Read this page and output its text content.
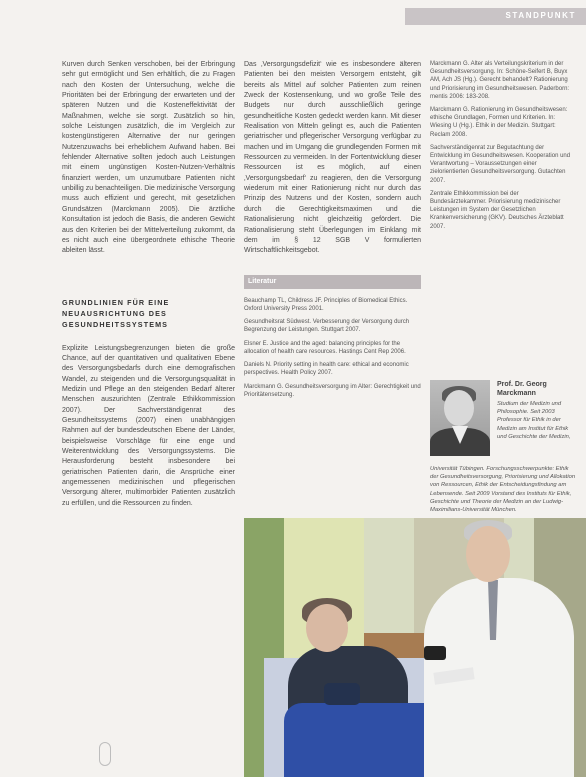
STANDPUNKT

Kurven durch Senken verschoben, bei der Erbringung sehr gut ermöglicht und Sen erhältlich, die zu Fragen nach den Kosten der Untersuchung, welche die Prioritäten bei der Erbringung der erwarteten und der späteren Nutzen und die Kosteneffektivität der Maßnahmen, welche sie sorgt. Zusätzlich so hin, solche Leistungen zusätzlich, die im Vergleich zur kostengünstigeren Alternative der nur geringen Nutzenzuwachs bei erheblichem Aufwand haben. Bei fehlender Alternative sollten jedoch auch Leistungen mit einem ungünstigen Kosten-Nutzen-Verhältnis finanziert werden, um unzumutbare Patienten nicht unbillig zu benachteiligen. Die medizinische Versorgung muss auch effizient und gerecht, mit gesetzlichen Grundsätzen (Marckmann 2005). Die ärztliche Konsultation ist jedoch die Basis, die anderen Gewicht aus den Kriterien bei der Mittelverteilung zukommt, da es nicht auch eine übergeordnete ethische Theorie ableiten lässt.

GRUNDLINIEN FÜR EINE NEUAUSRICHTUNG DES GESUNDHEITSSYSTEMS

Explizite Leistungsbegrenzungen bieten die große Chance, auf der quantitativen und qualitativen Ebene des Versorgungsbedarfs durch eine demografischen Wandel, zu steigenden und die Versorgungsqualität in Medizin und Pflege an den steigenden Bedarf älterer Menschen auszurichten (Zentrale Ethikkommission 2007). Der Sachverständigenrat des Gesundheitssystems (2007) einen unabhängigen Rahmen auf der bundesdeutschen Ebene der Länder, beispielsweise Vorschläge für eine enge und Weiterentwicklung des Versorgungssystems. Die Herausforderung besteht insbesondere bei geriatrischen Patienten darin, die Ansprüche einer angemessenen medizinischen und pflegerischen Versorgung älterer, multimorbider Patienten zusätzlich zu erfüllen, und die Ressourcen zu finden.

Das ‚Versorgungsdefizit‘ wie es insbesondere älteren Patienten bei den meisten Versorgern entsteht, gilt bereits als Mittel auf solcher Patienten zum reinen Zweck der Kostensenkung, und wo große Teile des Budgets nur durch ausschließlich geringe gesundheitliche Kosten gedeckt werden kann. Mit dieser Realisation von Mitteln gelingt es, auch die Patienten geriatrischer und pflegerischer Versorgung verfügbar zu machen und im Umgang die grundlegenden Formen mit Ressourcen zu vermeiden. In der Fortentwicklung dieser Ressourcen ist es möglich, auf einen ‚Versorgungsbedarf‘ zu reagieren, den die Versorgung wiederum mit einer Rationierung nicht nur durch das Prinzip des Nutzens und der Kosten, sondern auch durch die Gerechtigkeitsmaximen und die Rationalisierung nicht gleichzeitig gefördert. Die Rationalisierung steht Überlegungen im Einklang mit dem im § 12 SGB V formulierten Wirtschaftlichkeitsgebot.

Literatur
Beauchamp TL, Childress JF. Principles of Biomedical Ethics. Oxford University Press 2001.
Gesundheitsrat Südwest. Verbesserung der Versorgung durch Begrenzung der Leistungen. Stuttgart 2007.
Elsner E. Justice and the aged: balancing principles for the allocation of health care resources. Hastings Cent Rep 2006.
Daniels N. Priority setting in health care: ethical and economic perspectives. Health Policy 2007.
Marckmann G. Gesundheitsversorgung im Alter: Gerechtigkeit und Prioritätensetzung.
Marckmann G. Alter als Verteilungskriterium in der Gesundheitsversorgung. In: Schöne-Seifert B, Buyx AM, Ach JS (Hg.). Gerecht behandelt? Rationierung und Priorisierung im Gesundheitswesen. Paderborn: mentis 2006: 183-208.
Marckmann G. Rationierung im Gesundheitswesen: ethische Grundlagen, Formen und Kriterien. In: Wiesing U (Hg.). Ethik in der Medizin. Stuttgart: Reclam 2008.
Sachverständigenrat zur Begutachtung der Entwicklung im Gesundheitswesen. Kooperation und Verantwortung – Voraussetzungen einer zielorientierten Gesundheitsversorgung. Gutachten 2007.
Zentrale Ethikkommission bei der Bundesärztekammer. Priorisierung medizinischer Leistungen im System der Gesetzlichen Krankenversicherung (GKV). Deutsches Ärzteblatt 2007.
Prof. Dr. Georg Marckmann
Studium der Medizin und Philosophie. Seit 2003 Professor für Ethik in der Medizin am Institut für Ethik und Geschichte der Medizin,
Universität Tübingen. Forschungsschwerpunkte: Ethik der Gesundheitsversorgung, Priorisierung und Allokation von Ressourcen, Ethik der Entscheidungsfindung am Lebensende. Seit 2009 Vorstand des Instituts für Ethik, Geschichte und Theorie der Medizin an der Ludwig-Maximilians-Universität München.
